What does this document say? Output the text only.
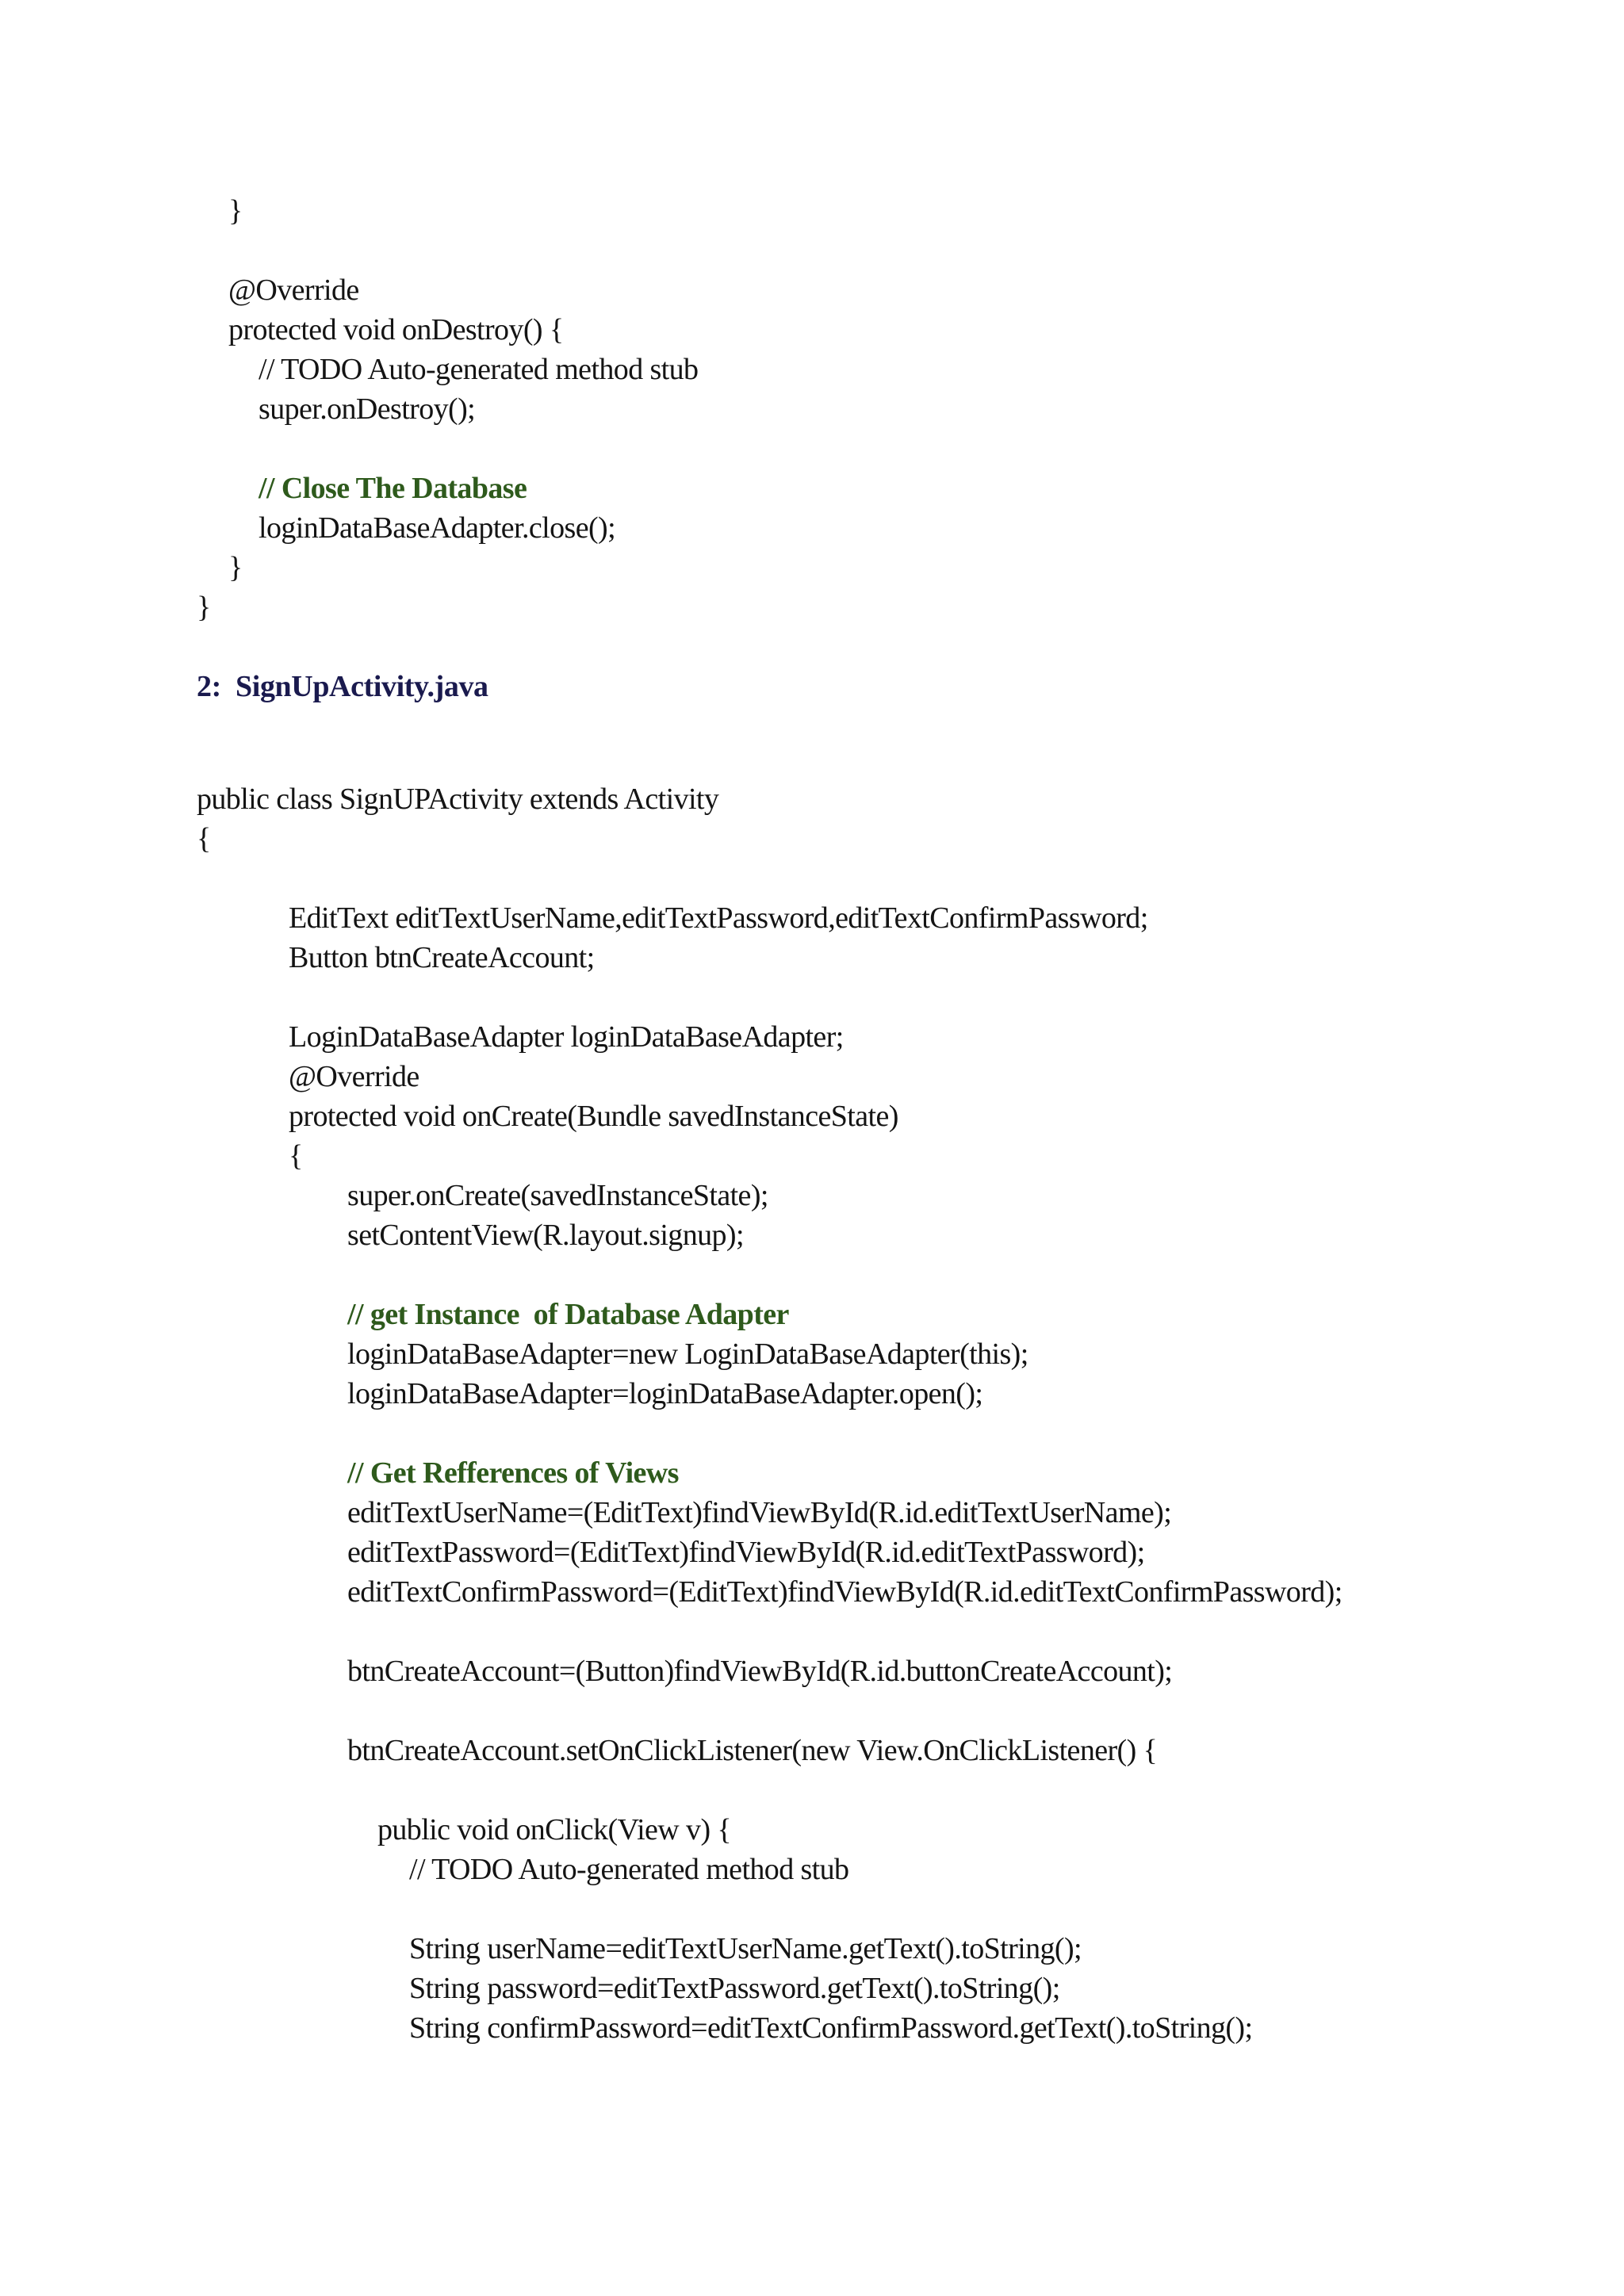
}
@Override
protected void onDestroy() {
// TODO Auto-generated method stub
super.onDestroy();
// Close The Database
loginDataBaseAdapter.close();
}
}
2:  SignUpActivity.java
public class SignUPActivity extends Activity
{
EditText editTextUserName,editTextPassword,editTextConfirmPassword;
Button btnCreateAccount;
LoginDataBaseAdapter loginDataBaseAdapter;
@Override
protected void onCreate(Bundle savedInstanceState)
{
super.onCreate(savedInstanceState);
setContentView(R.layout.signup);
// get Instance  of Database Adapter
loginDataBaseAdapter=new LoginDataBaseAdapter(this);
loginDataBaseAdapter=loginDataBaseAdapter.open();
// Get Refferences of Views
editTextUserName=(EditText)findViewById(R.id.editTextUserName);
editTextPassword=(EditText)findViewById(R.id.editTextPassword);
editTextConfirmPassword=(EditText)findViewById(R.id.editTextConfirmPassword);
btnCreateAccount=(Button)findViewById(R.id.buttonCreateAccount);
btnCreateAccount.setOnClickListener(new View.OnClickListener() {
public void onClick(View v) {
// TODO Auto-generated method stub
String userName=editTextUserName.getText().toString();
String password=editTextPassword.getText().toString();
String confirmPassword=editTextConfirmPassword.getText().toString();
